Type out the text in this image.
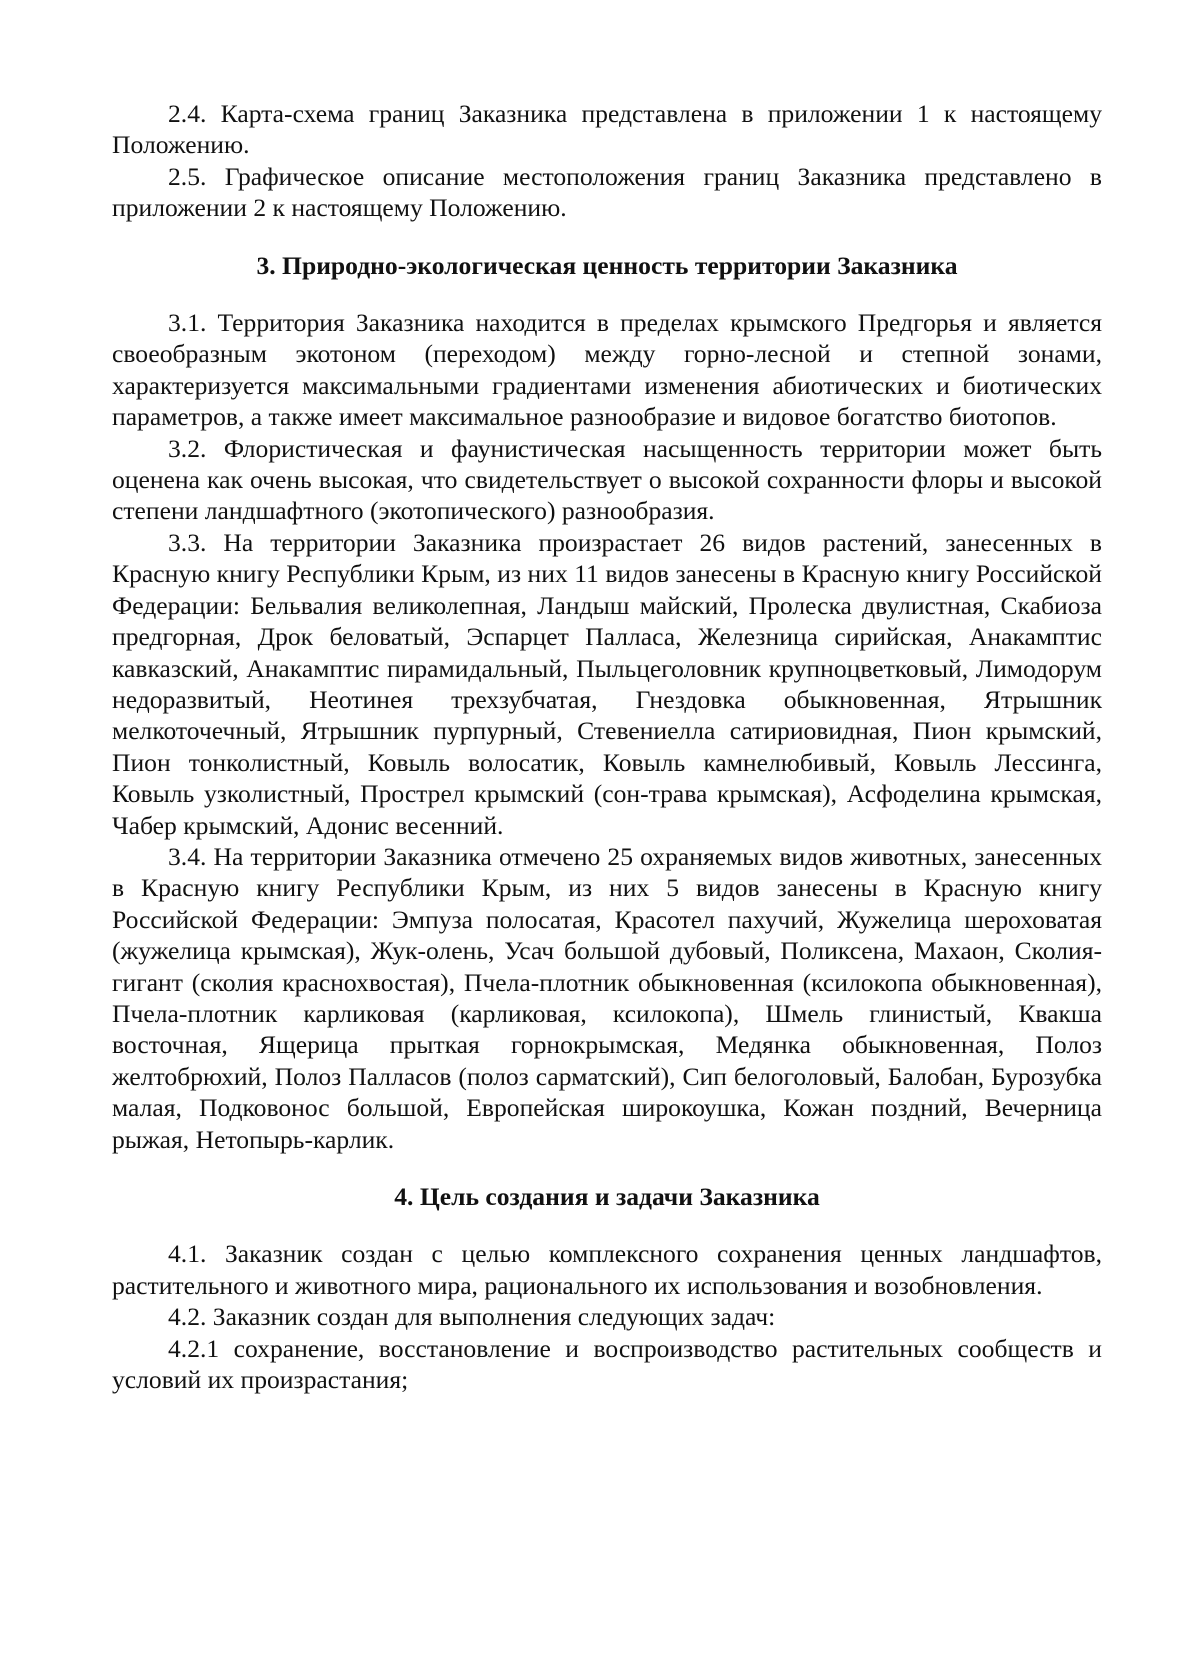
2.4. Карта-схема границ Заказника представлена в приложении 1 к настоящему Положению.

2.5. Графическое описание местоположения границ Заказника представлено в приложении 2 к настоящему Положению.

3. Природно-экологическая ценность территории Заказника

3.1. Территория Заказника находится в пределах крымского Предгорья и является своеобразным экотоном (переходом) между горно-лесной и степной зонами, характеризуется максимальными градиентами изменения абиотических и биотических параметров, а также имеет максимальное разнообразие и видовое богатство биотопов.

3.2. Флористическая и фаунистическая насыщенность территории может быть оценена как очень высокая, что свидетельствует о высокой сохранности флоры и высокой степени ландшафтного (экотопического) разнообразия.

3.3. На территории Заказника произрастает 26 видов растений, занесенных в Красную книгу Республики Крым, из них 11 видов занесены в Красную книгу Российской Федерации: Бельвалия великолепная, Ландыш майский, Пролеска двулистная, Скабиоза предгорная, Дрок беловатый, Эспарцет Палласа, Железница сирийская, Анакамптис кавказский, Анакамптис пирамидальный, Пыльцеголовник крупноцветковый, Лимодорум недоразвитый, Неотинея трехзубчатая, Гнездовка обыкновенная, Ятрышник мелкоточечный, Ятрышник пурпурный, Стевениелла сатириовидная, Пион крымский, Пион тонколистный, Ковыль волосатик, Ковыль камнелюбивый, Ковыль Лессинга, Ковыль узколистный, Прострел крымский (сон-трава крымская), Асфоделина крымская, Чабер крымский, Адонис весенний.

3.4. На территории Заказника отмечено 25 охраняемых видов животных, занесенных в Красную книгу Республики Крым, из них 5 видов занесены в Красную книгу Российской Федерации: Эмпуза полосатая, Красотел пахучий, Жужелица шероховатая (жужелица крымская), Жук-олень, Усач большой дубовый, Поликсена, Махаон, Сколия-гигант (сколия краснохвостая), Пчела-плотник обыкновенная (ксилокопа обыкновенная), Пчела-плотник карликовая (карликовая, ксилокопа), Шмель глинистый, Квакша восточная, Ящерица прыткая горнокрымская, Медянка обыкновенная, Полоз желтобрюхий, Полоз Палласов (полоз сарматский), Сип белоголовый, Балобан, Бурозубка малая, Подковонос большой, Европейская широкоушка, Кожан поздний, Вечерница рыжая, Нетопырь-карлик.

4. Цель создания и задачи Заказника

4.1. Заказник создан с целью комплексного сохранения ценных ландшафтов, растительного и животного мира, рационального их использования и возобновления.

4.2. Заказник создан для выполнения следующих задач:

4.2.1 сохранение, восстановление и воспроизводство растительных сообществ и условий их произрастания;
